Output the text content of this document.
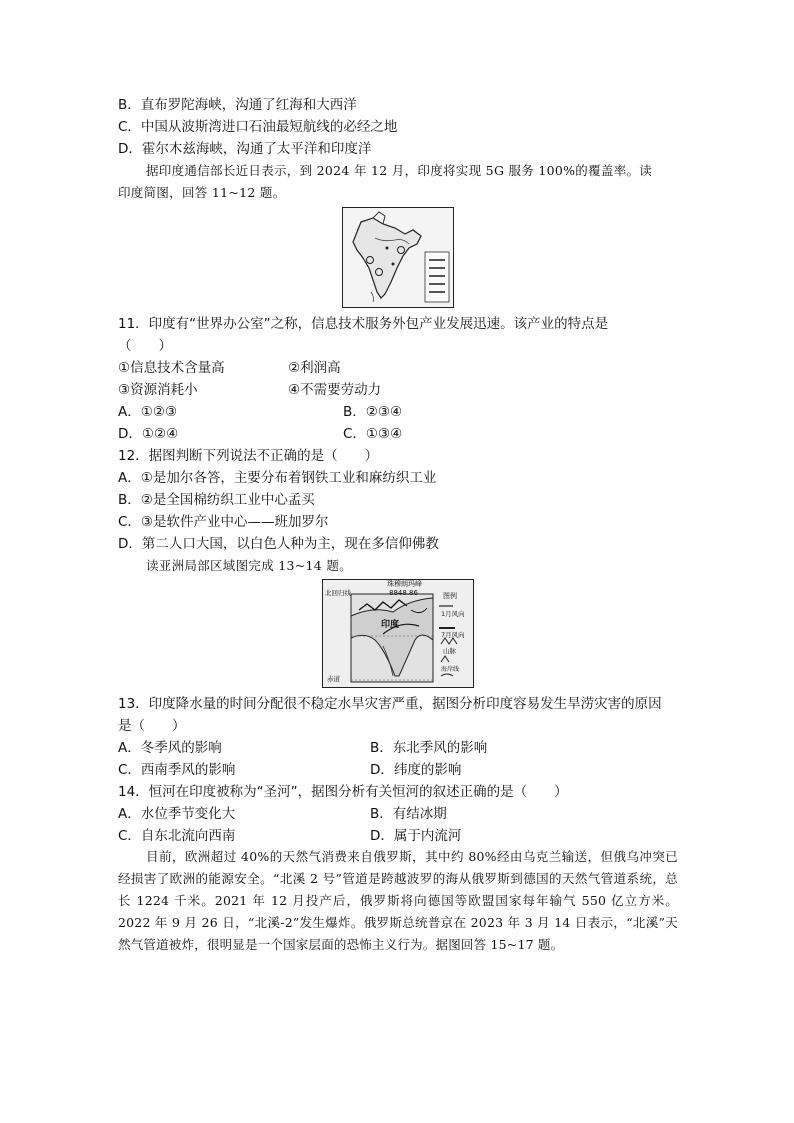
B．直布罗陀海峡，沟通了红海和大西洋
C．中国从波斯湾进口石油最短航线的必经之地
D．霍尔木兹海峡，沟通了太平洋和印度洋
据印度通信部长近日表示，到 2024 年 12 月，印度将实现 5G 服务 100%的覆盖率。读
印度简图，回答 11~12 题。
11．印度有“世界办公室”之称，信息技术服务外包产业发展迅速。该产业的特点是
（　　）
①信息技术含量高	②利润高
③资源消耗小	④不需要劳动力
A．①②③	B．②③④
D．①②④	C．①③④
12．据图判断下列说法不正确的是（　　）
A．①是加尔各答，主要分布着钢铁工业和麻纺织工业
B．②是全国棉纺织工业中心孟买
C．③是软件产业中心——班加罗尔
D．第二人口大国，以白色人种为主，现在多信仰佛教
读亚洲局部区域图完成 13~14 题。
珠穆朗玛峰
8848.86
北回归线
赤道
印度
图例
1月风向
7月风向
山脉
海岸线
13．印度降水量的时间分配很不稳定水旱灾害严重，据图分析印度容易发生旱涝灾害的原因
是（　　）
A．冬季风的影响	B．东北季风的影响
C．西南季风的影响	D．纬度的影响
14．恒河在印度被称为“圣河”，据图分析有关恒河的叙述正确的是（　　）
A．水位季节变化大	B．有结冰期
C．自东北流向西南	D．属于内流河
目前，欧洲超过 40%的天然气消费来自俄罗斯，其中约 80%经由乌克兰输送，但俄乌冲突已经损害了欧洲的能源安全。“北溪 2 号”管道是跨越波罗的海从俄罗斯到德国的天然气管道系统，总长 1224 千米。2021 年 12 月投产后，俄罗斯将向德国等欧盟国家每年输气 550 亿立方米。2022 年 9 月 26 日，“北溪-2”发生爆炸。俄罗斯总统普京在 2023 年 3 月 14 日表示，“北溪”天然气管道被炸，很明显是一个国家层面的恐怖主义行为。据图回答 15~17 题。
